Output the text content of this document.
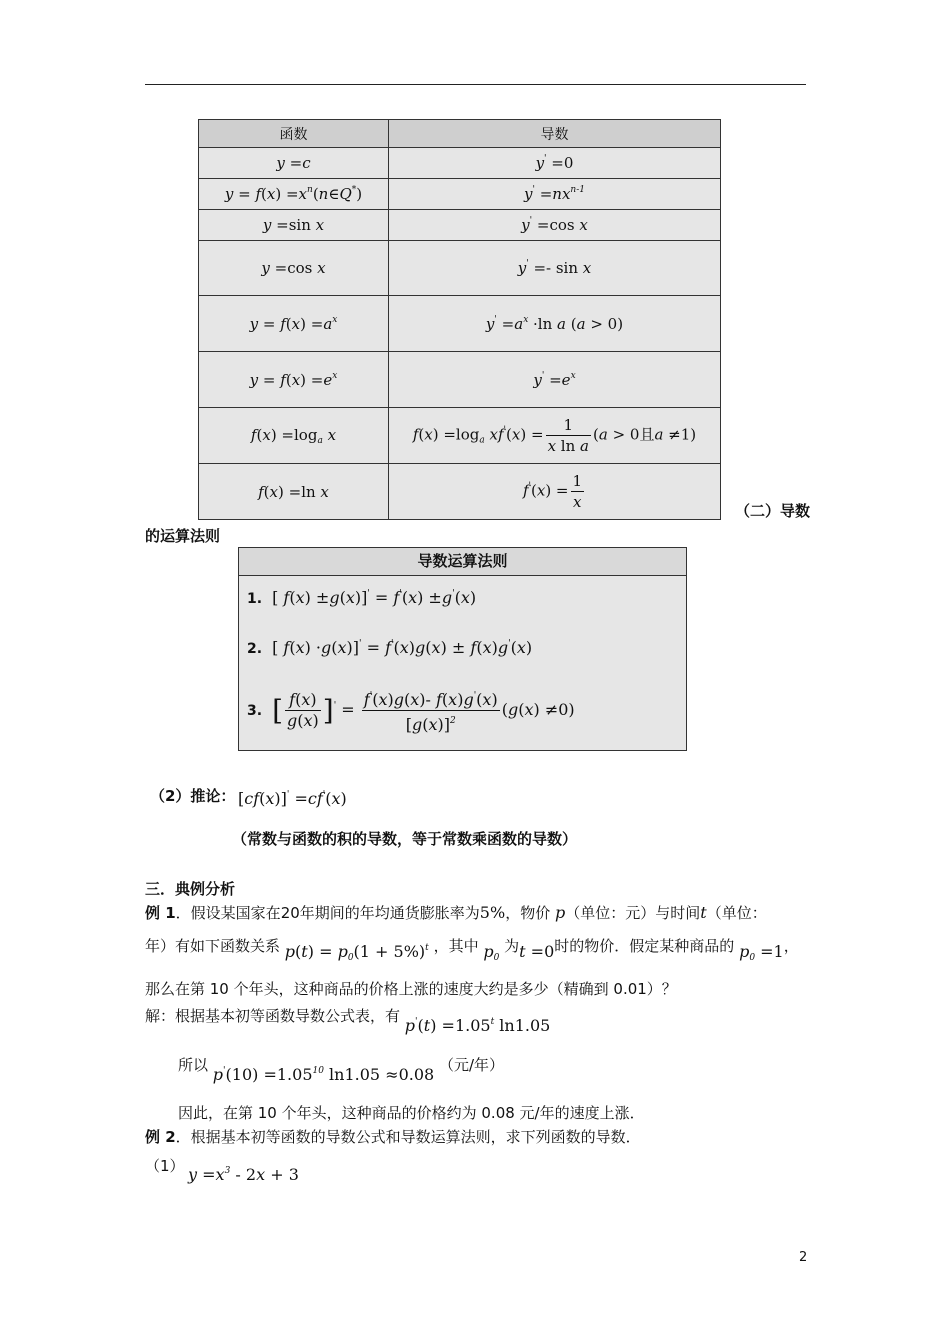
函数	导数
y =c	y' =0
$y = f(x) =x^n(n\in Q^*)$	$y' =nx^{n-1}$
y =sin x	y' =cos x
y =cos x	y' =- sin x
$y = f(x) =a^x$	$y' =a^x \cdot\ln$ a (a > 0)
$y = f(x) =e^x$	$y' =e^x$
$f(x) =\log_a$ x	$f(x) =\log_a$ $xf'(x) = \frac{1}{\text{x ln a}} (a > 0$且a ≠1)
f(x) =ln x	$f'(x) = \frac{1}{x}$	（二）导数
的运算法则
导数运算法则
1. [ f(x) ±g(x)]' = f'(x) ±g'(x)
2. [ f(x) ·g(x)]' = f'(x)g(x) ± f(x)g'(x)
3. [ $\frac{f(x)}{g(x)} ]' = \frac{f'(x)g(x)- f(x)g'(x)}{[g(x)]^2} (g(x) \ne 0)$
（2）推论： [cf(x)]' =cf'(x)
（常数与函数的积的导数，等于常数乘函数的导数）
三．典例分析
例 1．假设某国家在20年期间的年均通货膨胀率为5%，物价 p（单位：元）与时间t（单位：
年）有如下函数关系 $p(t) = p0(1 + 5\%)^t$ ，其中 p0 为t =0时的物价．假定某种商品的 p0 =1，
那么在第 10 个年头，这种商品的价格上涨的速度大约是多少（精确到 0.01）？
解：根据基本初等函数导数公式表，有 $p'(t) =1.05^t$ ln1.05
所以 $p'(10) =1.05^{10}$ ln1.05 ≈0.08 （元/年）
因此，在第 10 个年头，这种商品的价格约为 0.08 元/年的速度上涨．
例 2．根据基本初等函数的导数公式和导数运算法则，求下列函数的导数．
（1） $y =x^3 - 2x + 3$
2
